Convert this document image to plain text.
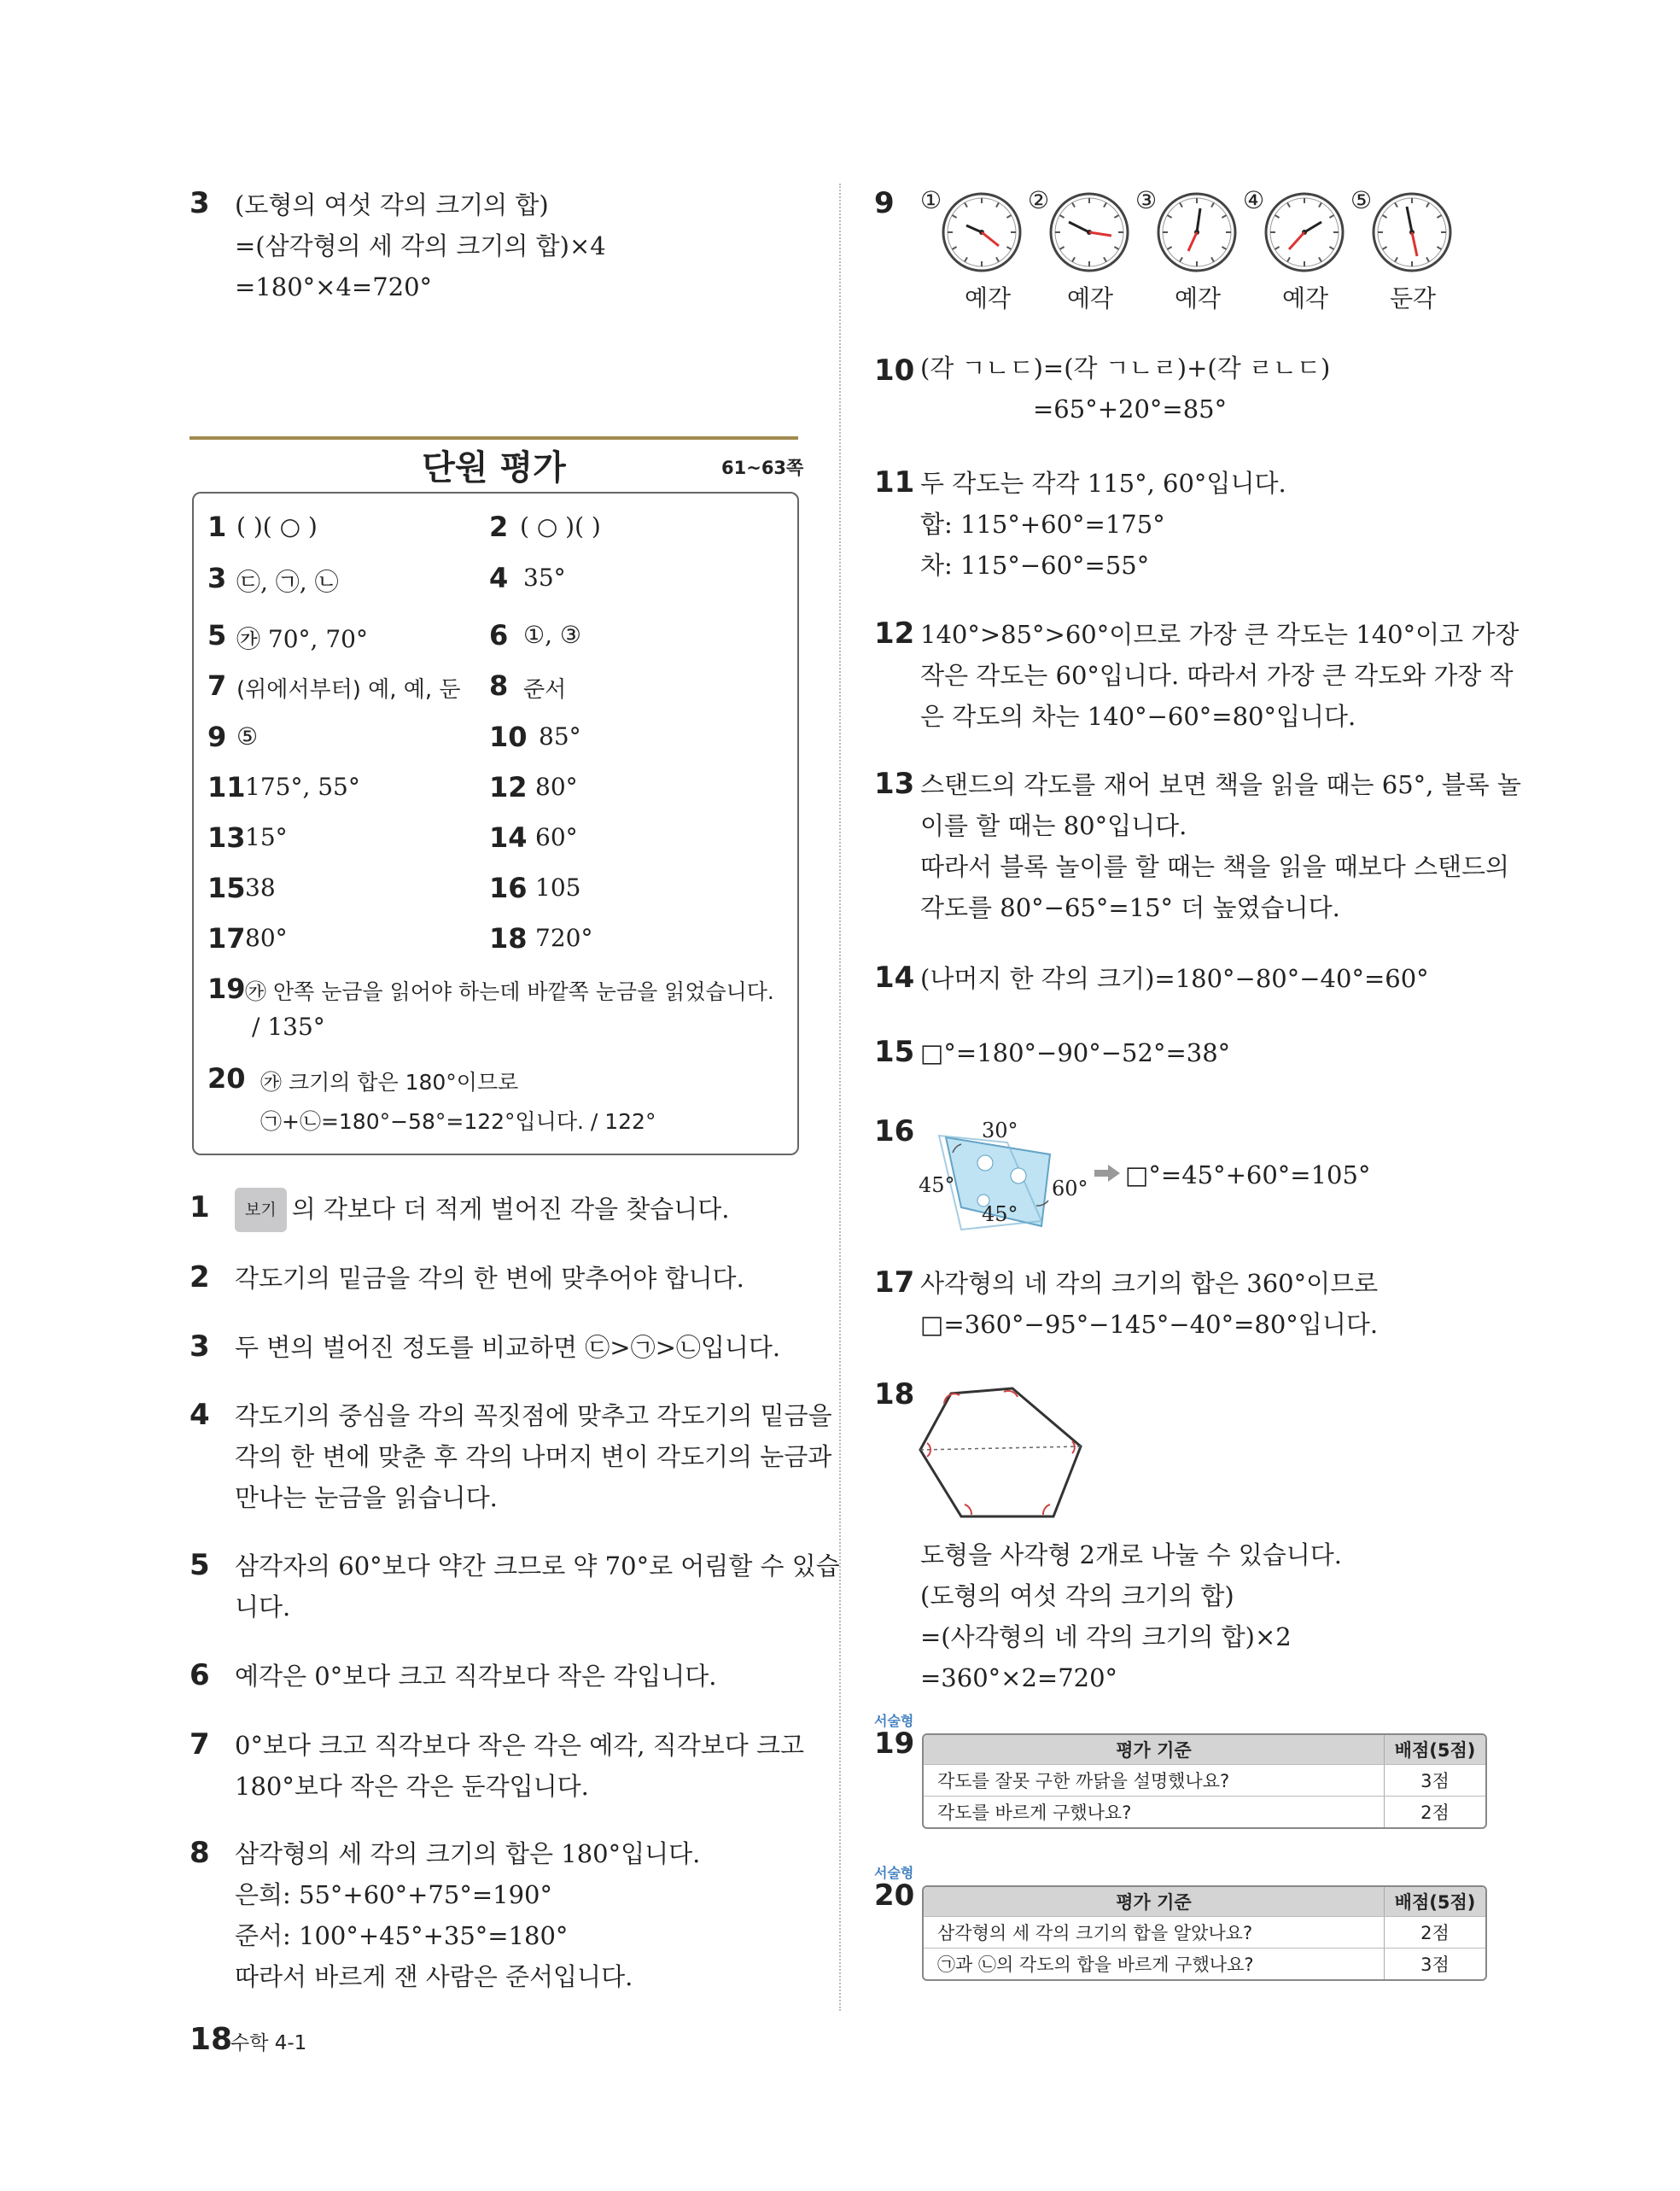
3 (도형의 여섯 각의 크기의 합)
=(삼각형의 세 각의 크기의 합)×4
=180°×4=720°
단원 평가	61~63쪽
1 ( )( ○ )	2 ( ○ )( )
3 ㉢, ㉠, ㉡	4 35°
5 ㉮ 70°, 70°	6 ①, ③
7 (위에서부터) 예, 예, 둔 8 준서
9 ⑤	10 85°
11 175°, 55°	12 80°
13 15°	14 60°
15 38	16 105
17 80°	18 720°
19 ㉮ 안쪽 눈금을 읽어야 하는데 바깥쪽 눈금을 읽었습니다.
/ 135°
20 ㉮ 크기의 합은 180°이므로
㉠+㉡=180°−58°=122°입니다. / 122°
1	보기 의 각보다 더 적게 벌어진 각을 찾습니다.
2 각도기의 밑금을 각의 한 변에 맞추어야 합니다.
3 두 변의 벌어진 정도를 비교하면 ㉢>㉠>㉡입니다.
4 각도기의 중심을 각의 꼭짓점에 맞추고 각도기의 밑금을
각의 한 변에 맞춘 후 각의 나머지 변이 각도기의 눈금과
만나는 눈금을 읽습니다.
5 삼각자의 60°보다 약간 크므로 약 70°로 어림할 수 있습
니다.
6 예각은 0°보다 크고 직각보다 작은 각입니다.
7 0°보다 크고 직각보다 작은 각은 예각, 직각보다 크고
180°보다 작은 각은 둔각입니다.
8 삼각형의 세 각의 크기의 합은 180°입니다.
은희: 55°+60°+75°=190°
준서: 100°+45°+35°=180°
따라서 바르게 잰 사람은 준서입니다.
9 ①	②	③	④	⑤
예각 예각	예각	예각	둔각
10 (각 ㄱㄴㄷ)=(각 ㄱㄴㄹ)+(각 ㄹㄴㄷ)
=65°+20°=85°
11 두 각도는 각각 115°, 60°입니다.
합: 115°+60°=175°
차: 115°−60°=55°
12 140°>85°>60°이므로 가장 큰 각도는 140°이고 가장
작은 각도는 60°입니다. 따라서 가장 큰 각도와 가장 작
은 각도의 차는 140°−60°=80°입니다.
13 스탠드의 각도를 재어 보면 책을 읽을 때는 65°, 블록 놀
이를 할 때는 80°입니다.
따라서 블록 놀이를 할 때는 책을 읽을 때보다 스탠드의
각도를 80°−65°=15° 더 높였습니다.
14 (나머지 한 각의 크기)=180°−80°−40°=60°
15 □°=180°−90°−52°=38°
16	30°
45°
45°
60° □°=45°+60°=105°
17 사각형의 네 각의 크기의 합은 360°이므로
□=360°−95°−145°−40°=80°입니다.
18
도형을 사각형 2개로 나눌 수 있습니다.
(도형의 여섯 각의 크기의 합)
=(사각형의 네 각의 크기의 합)×2
=360°×2=720°
서술형
19	평가 기준	배점(5점)
각도를 잘못 구한 까닭을 설명했나요?	3점
각도를 바르게 구했나요?	2점
서술형
20	평가 기준	배점(5점)
삼각형의 세 각의 크기의 합을 알았나요?	2점
㉠과 ㉡의 각도의 합을 바르게 구했나요?	3점
18
수학 4-1
